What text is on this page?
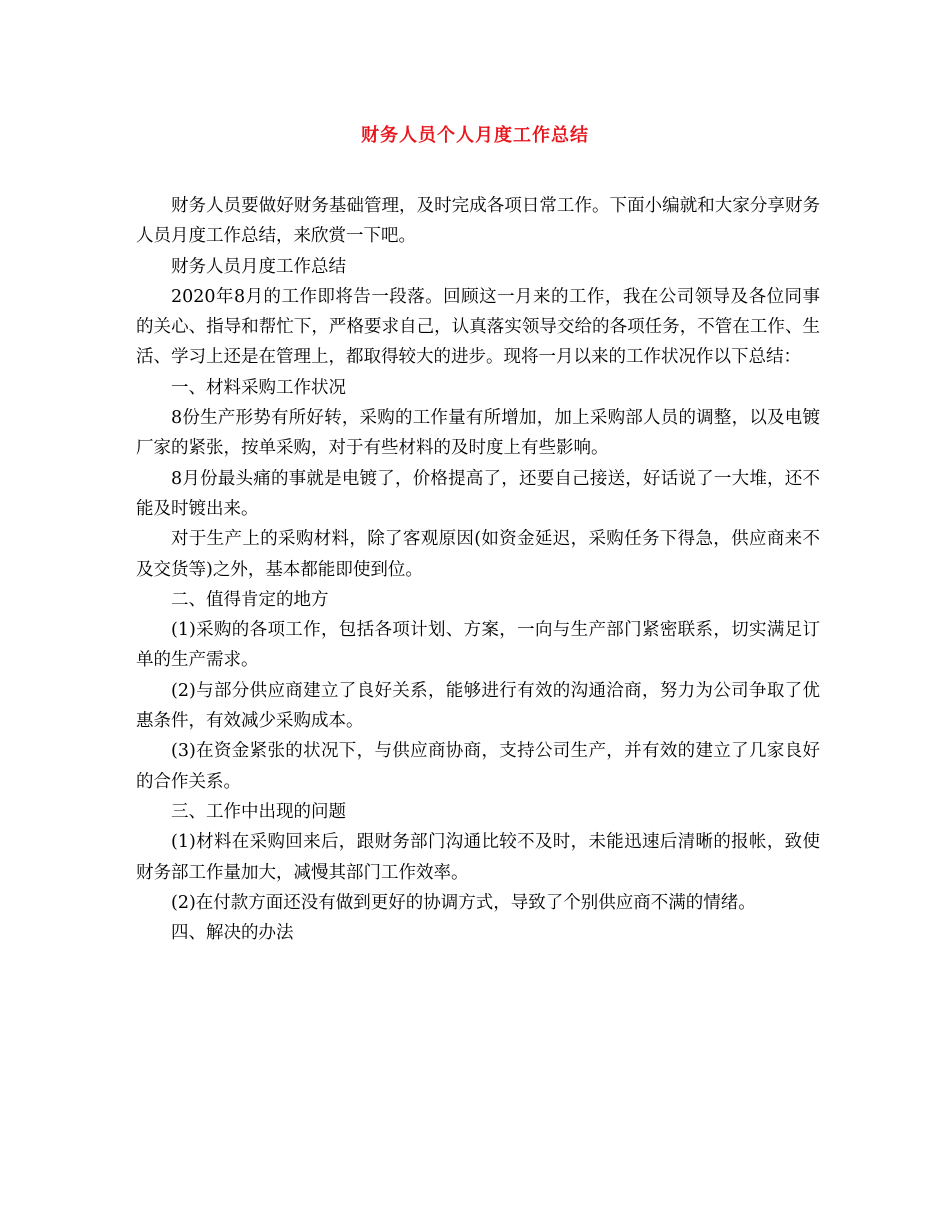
财务人员个人月度工作总结

财务人员要做好财务基础管理，及时完成各项日常工作。下面小编就和大家分享财务人员月度工作总结，来欣赏一下吧。

财务人员月度工作总结

2020年8月的工作即将告一段落。回顾这一月来的工作，我在公司领导及各位同事的关心、指导和帮忙下，严格要求自己，认真落实领导交给的各项任务，不管在工作、生活、学习上还是在管理上，都取得较大的进步。现将一月以来的工作状况作以下总结：

一、材料采购工作状况

8份生产形势有所好转，采购的工作量有所增加，加上采购部人员的调整，以及电镀厂家的紧张，按单采购，对于有些材料的及时度上有些影响。

8月份最头痛的事就是电镀了，价格提高了，还要自己接送，好话说了一大堆，还不能及时镀出来。

对于生产上的采购材料，除了客观原因(如资金延迟，采购任务下得急，供应商来不及交货等)之外，基本都能即使到位。

二、值得肯定的地方

(1)采购的各项工作，包括各项计划、方案，一向与生产部门紧密联系，切实满足订单的生产需求。

(2)与部分供应商建立了良好关系，能够进行有效的沟通洽商，努力为公司争取了优惠条件，有效减少采购成本。

(3)在资金紧张的状况下，与供应商协商，支持公司生产，并有效的建立了几家良好的合作关系。

三、工作中出现的问题

(1)材料在采购回来后，跟财务部门沟通比较不及时，未能迅速后清晰的报帐，致使财务部工作量加大，减慢其部门工作效率。

(2)在付款方面还没有做到更好的协调方式，导致了个别供应商不满的情绪。

四、解决的办法
